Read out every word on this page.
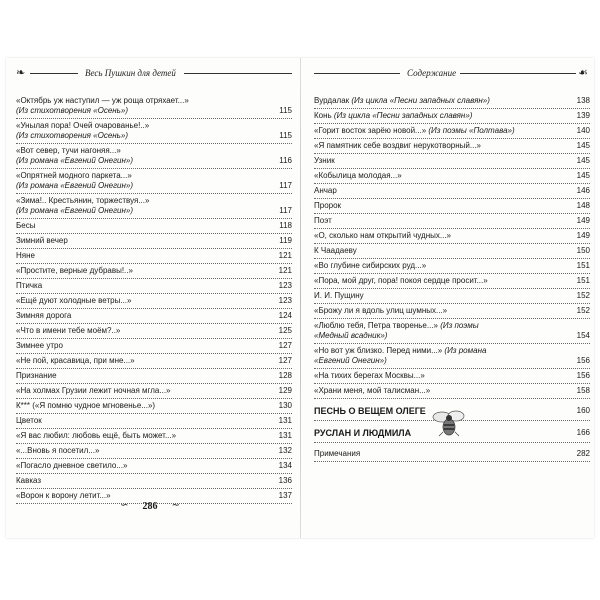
❧	Весь Пушкин для детей
«Октябрь уж наступил — уж роща отряхает...»
(Из стихотворения «Осень»)	115
«Унылая пора! Очей очарованье!..»
(Из стихотворения «Осень»)	115
«Вот север, тучи нагоняя...»
(Из романа «Евгений Онегин»)	116
«Опрятней модного паркета...»
(Из романа «Евгений Онегин»)	117
«Зима!.. Крестьянин, торжествуя...»
(Из романа «Евгений Онегин»)	117
Бесы	118
Зимний вечер	119
Няне	121
«Простите, верные дубравы!..»	121
Птичка	123
«Ещё дуют холодные ветры...»	123
Зимняя дорога	124
«Что в имени тебе моём?..»	125
Зимнее утро	127
«Не пой, красавица, при мне...»	127
Признание	128
«На холмах Грузии лежит ночная мгла...»	129
К*** («Я помню чудное мгновенье...»)	130
Цветок	131
«Я вас любил: любовь ещё, быть может...»	131
«...Вновь я посетил...»	132
«Погасло дневное светило...»	134
Кавказ	136
«Ворон к ворону летит...»	137
∽ 286 ∼
Содержание	☙
Вурдалак (Из цикла «Песни западных славян»)	138
Конь (Из цикла «Песни западных славян»)	139
«Горит восток зарёю новой...» (Из поэмы «Полтава»)	140
«Я памятник себе воздвиг нерукотворный...»	145
Узник	145
«Кобылица молодая...»	145
Анчар	146
Пророк	148
Поэт	149
«О, сколько нам открытий чудных...»	149
К Чаадаеву	150
«Во глубине сибирских руд...»	151
«Пора, мой друг, пора! покоя сердце просит...»	151
И. И. Пущину	152
«Брожу ли я вдоль улиц шумных...»	152
«Люблю тебя, Петра творенье...» (Из поэмы
«Медный всадник»)	154
«Но вот уж близко. Перед ними...» (Из романа
«Евгений Онегин»)	156
«На тихих берегах Москвы...»	156
«Храни меня, мой талисман...»	158
ПЕСНЬ О ВЕЩЕМ ОЛЕГЕ	160
РУСЛАН И ЛЮДМИЛА	166
Примечания	282
